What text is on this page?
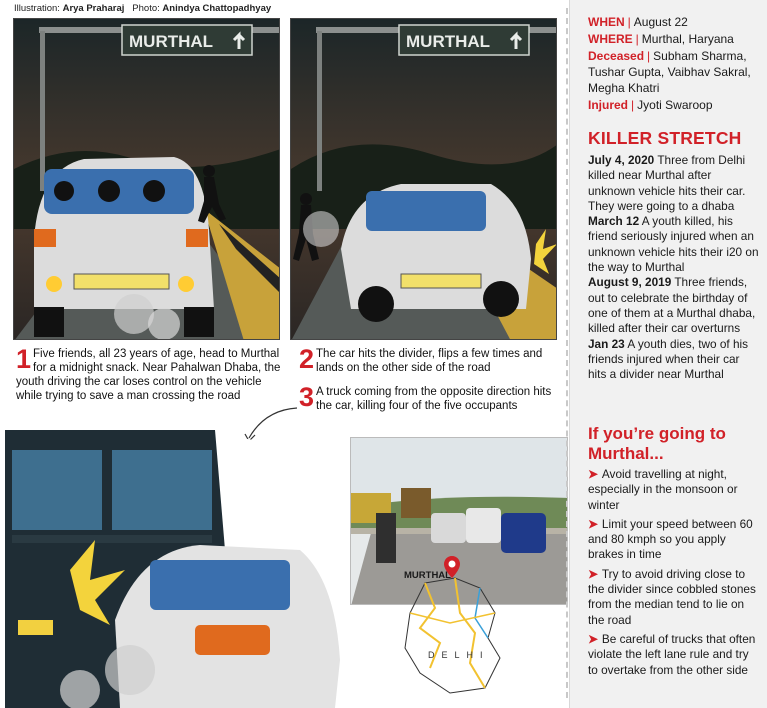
Illustration: Arya Praharaj Photo: Anindya Chattopadhyay
MURTHAL	MURTHAL
1 Five friends, all 23 years of age, head to Murthal for a midnight snack. Near Pahalwan Dhaba, the youth driving the car loses control on the vehicle while trying to save a man crossing the road
2 The car hits the divider, flips a few times and lands on the other side of the road
3 A truck coming from the opposite direction hits the car, killing four of the five occupants
MURTHAL
DELHI
WHEN | August 22
WHERE | Murthal, Haryana
Deceased | Subham Sharma, Tushar Gupta, Vaibhav Sakral, Megha Khatri
Injured | Jyoti Swaroop
KILLER STRETCH
July 4, 2020 Three from Delhi killed near Murthal after unknown vehicle hits their car. They were going to a dhaba
March 12 A youth killed, his friend seriously injured when an unknown vehicle hits their i20 on the way to Murthal
August 9, 2019 Three friends, out to celebrate the birthday of one of them at a Murthal dhaba, killed after their car overturns
Jan 23 A youth dies, two of his friends injured when their car hits a divider near Murthal
If you’re going to Murthal...
➤ Avoid travelling at night, especially in the monsoon or winter
➤ Limit your speed between 60 and 80 kmph so you apply brakes in time
➤ Try to avoid driving close to the divider since cobbled stones from the median tend to lie on the road
➤ Be careful of trucks that often violate the left lane rule and try to overtake from the other side
